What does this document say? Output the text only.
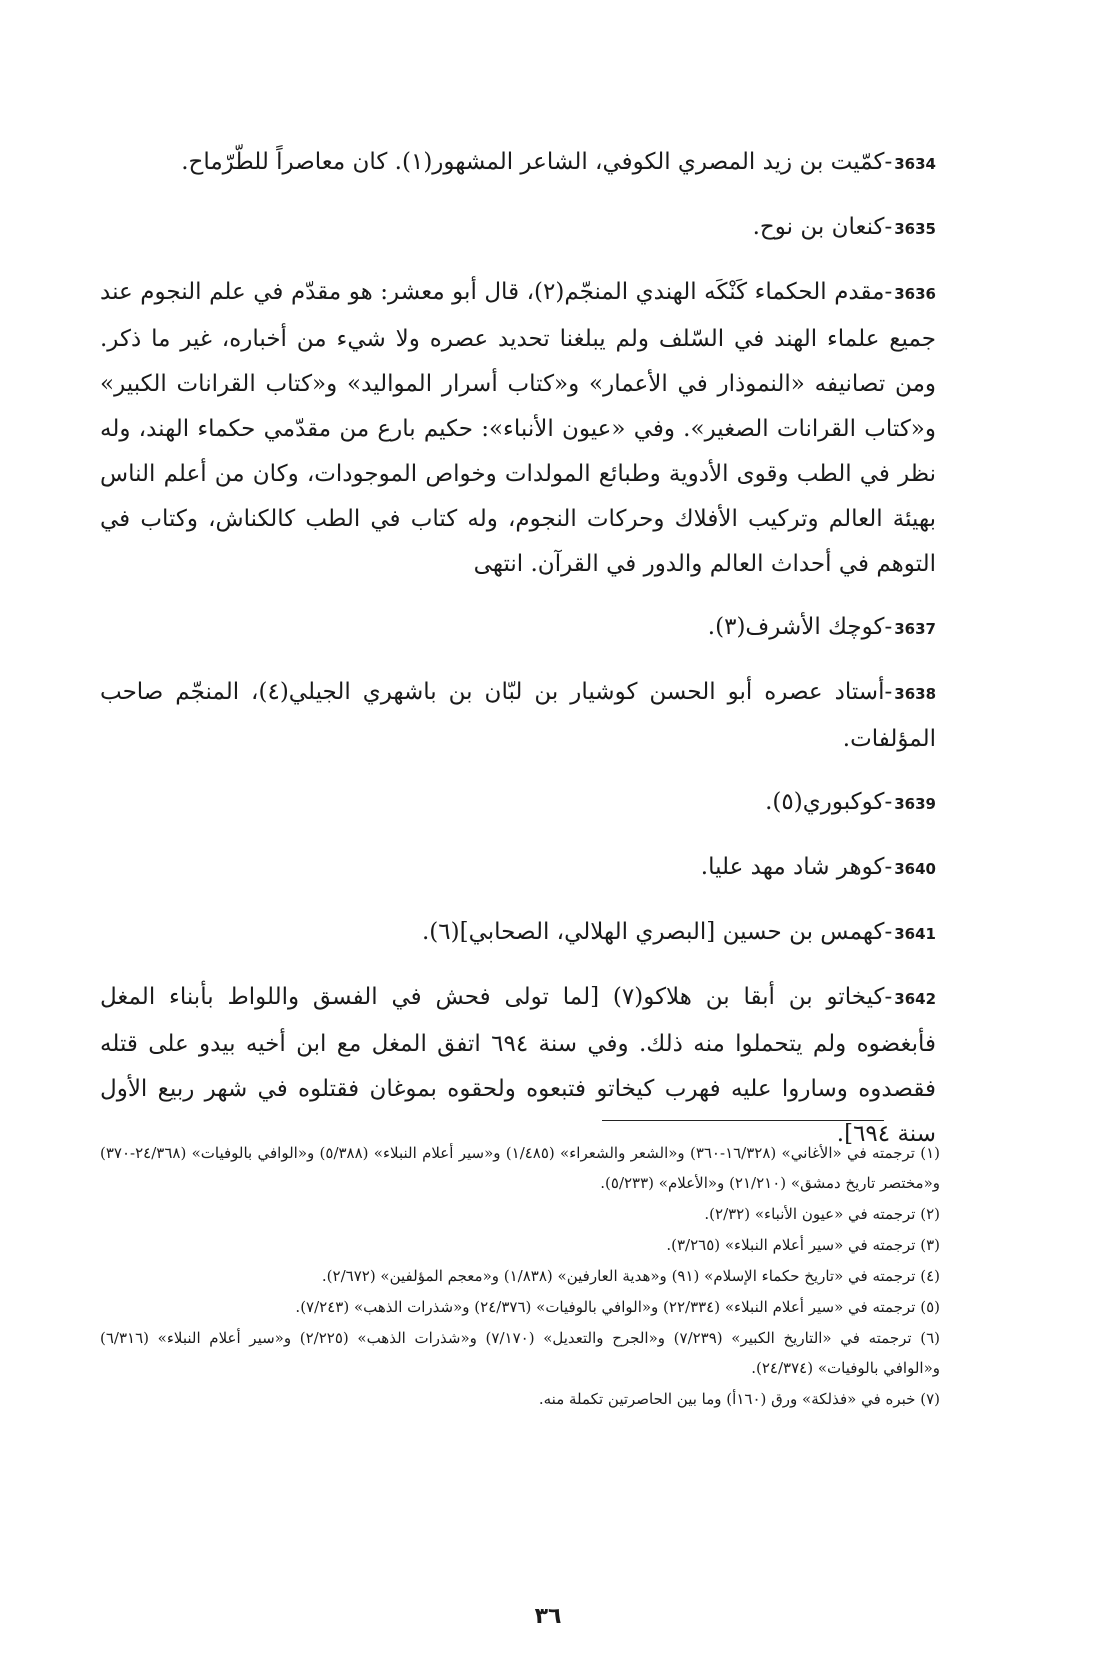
3634-كمّيت بن زيد المصري الكوفي، الشاعر المشهور(١). كان معاصراً للطّرّماح.
3635-كنعان بن نوح.
3636-مقدم الحكماء كَنْكَه الهندي المنجّم(٢)، قال أبو معشر: هو مقدّم في علم النجوم عند جميع علماء الهند في السّلف ولم يبلغنا تحديد عصره ولا شيء من أخباره، غير ما ذكر. ومن تصانيفه «النموذار في الأعمار» و«كتاب أسرار المواليد» و«كتاب القرانات الكبير» و«كتاب القرانات الصغير». وفي «عيون الأنباء»: حكيم بارع من مقدّمي حكماء الهند، وله نظر في الطب وقوى الأدوية وطبائع المولدات وخواص الموجودات، وكان من أعلم الناس بهيئة العالم وتركيب الأفلاك وحركات النجوم، وله كتاب في الطب كالكناش، وكتاب في التوهم في أحداث العالم والدور في القرآن. انتهى
3637-كوچك الأشرف(٣).
3638-أستاد عصره أبو الحسن كوشيار بن لبّان بن باشهري الجيلي(٤)، المنجّم صاحب المؤلفات.
3639-كوكبوري(٥).
3640-كوهر شاد مهد عليا.
3641-كهمس بن حسين [البصري الهلالي، الصحابي](٦).
3642-كيخاتو بن أبقا بن هلاكو(٧) [لما تولى فحش في الفسق واللواط بأبناء المغل فأبغضوه ولم يتحملوا منه ذلك. وفي سنة ٦٩٤ اتفق المغل مع ابن أخيه بيدو على قتله فقصدوه وساروا عليه فهرب كيخاتو فتبعوه ولحقوه بموغان فقتلوه في شهر ربيع الأول سنة ٦٩٤].

(١) ترجمته في «الأغاني» (١٦/٣٢٨-٣٦٠) و«الشعر والشعراء» (١/٤٨٥) و«سير أعلام النبلاء» (٥/٣٨٨) و«الوافي بالوفيات» (٢٤/٣٦٨-٣٧٠) و«مختصر تاريخ دمشق» (٢١/٢١٠) و«الأعلام» (٥/٢٣٣).

(٢) ترجمته في «عيون الأنباء» (٢/٣٢).

(٣) ترجمته في «سير أعلام النبلاء» (٣/٢٦٥).

(٤) ترجمته في «تاريخ حكماء الإسلام» (٩١) و«هدية العارفين» (١/٨٣٨) و«معجم المؤلفين» (٢/٦٧٢).

(٥) ترجمته في «سير أعلام النبلاء» (٢٢/٣٣٤) و«الوافي بالوفيات» (٢٤/٣٧٦) و«شذرات الذهب» (٧/٢٤٣).

(٦) ترجمته في «التاريخ الكبير» (٧/٢٣٩) و«الجرح والتعديل» (٧/١٧٠) و«شذرات الذهب» (٢/٢٢٥) و«سير أعلام النبلاء» (٦/٣١٦) و«الوافي بالوفيات» (٢٤/٣٧٤).

(٧) خبره في «فذلكة» ورق (١٦٠أ) وما بين الحاصرتين تكملة منه.

٣٦
